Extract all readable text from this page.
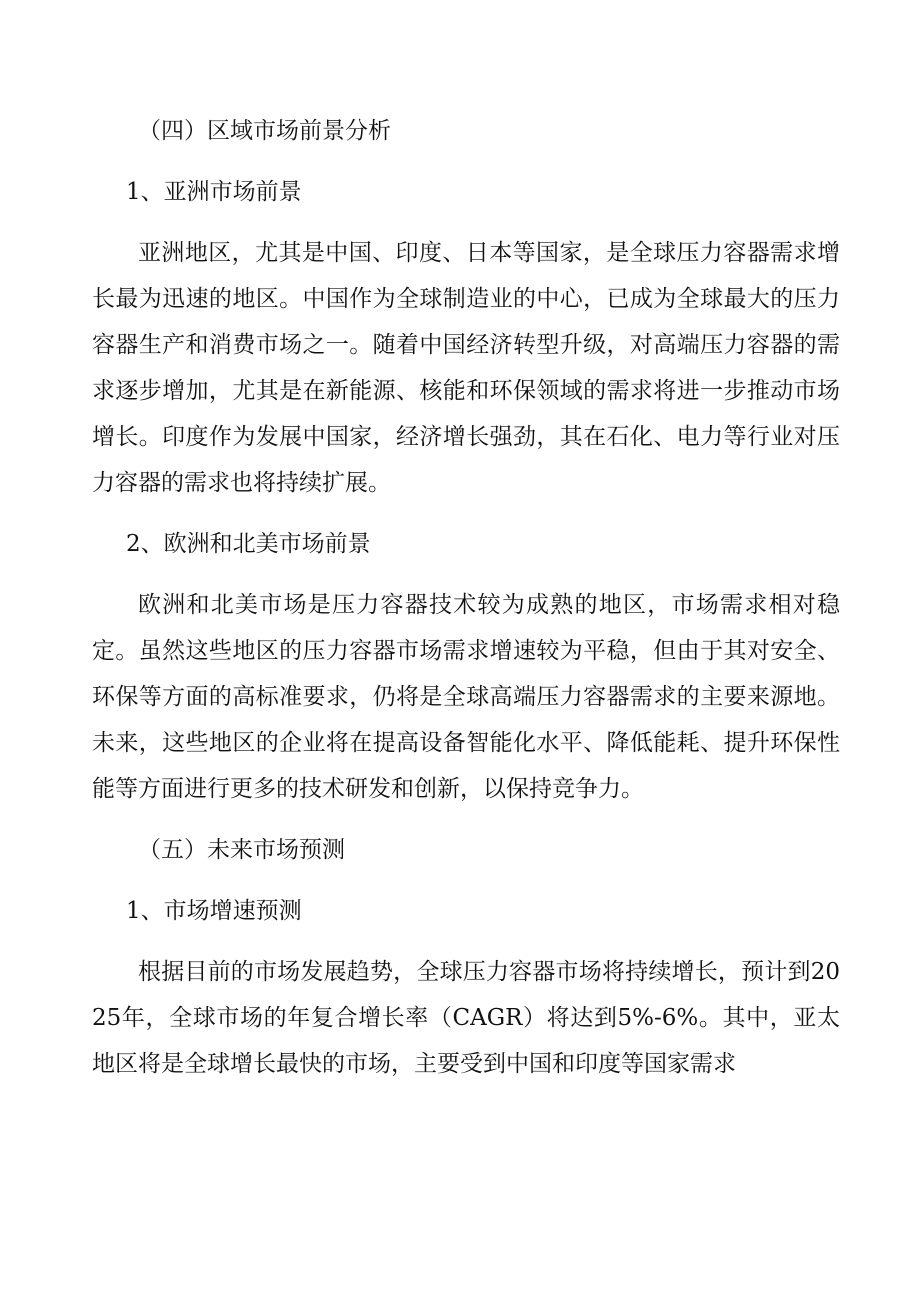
（四）区域市场前景分析
1、亚洲市场前景

亚洲地区，尤其是中国、印度、日本等国家，是全球压力容器需求增长最为迅速的地区。中国作为全球制造业的中心，已成为全球最大的压力容器生产和消费市场之一。随着中国经济转型升级，对高端压力容器的需求逐步增加，尤其是在新能源、核能和环保领域的需求将进一步推动市场增长。印度作为发展中国家，经济增长强劲，其在石化、电力等行业对压力容器的需求也将持续扩展。

2、欧洲和北美市场前景

欧洲和北美市场是压力容器技术较为成熟的地区，市场需求相对稳定。虽然这些地区的压力容器市场需求增速较为平稳，但由于其对安全、环保等方面的高标准要求，仍将是全球高端压力容器需求的主要来源地。未来，这些地区的企业将在提高设备智能化水平、降低能耗、提升环保性能等方面进行更多的技术研发和创新，以保持竞争力。

（五）未来市场预测
1、市场增速预测

根据目前的市场发展趋势，全球压力容器市场将持续增长，预计到2025年，全球市场的年复合增长率（CAGR）将达到5%-6%。其中，亚太地区将是全球增长最快的市场，主要受到中国和印度等国家需求
